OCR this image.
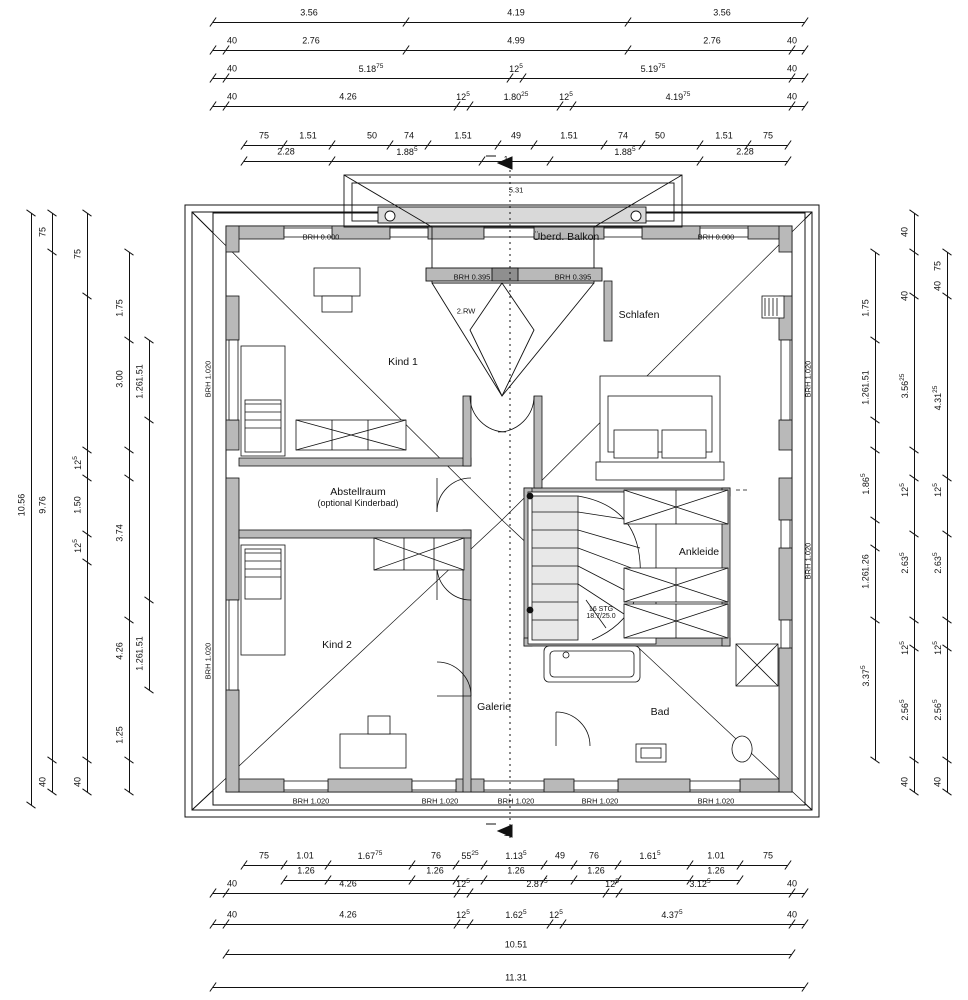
Kind 1
Kind 2
Schlafen
Ankleide
Bad
Galerie
Überd. Balkon
Abstellraum
(optional Kinderbad)
BRH 0.000	BRH 0.000
BRH 0.395	BRH 0.395
2.RW
5.31
BRH 1.020	BRH 1.020	BRH 1.020	BRH 1.020	BRH 1.020
BRH 1.020
BRH 1.020
BRH 1.020
BRH 1.020
16 STG
18.7/25.0
3.56	4.19	3.56
40	2.76	4.99	2.76	40
40	5.18$^{75}$	$12^5$	5.19$^{75}$	40
40	4.26	$12^5$	1.80$^{25}$	$12^5$	4.19$^{75}$	40
75	1.51	50	74	1.51	49	1.51	74	50	1.51	75
2.28	1.88$^5$	1.88$^5$	2.28
75	1.01	1.67$^{75}$	76 $55^{25}$	1.13$^5$	49	76	1.61$^5$	1.01	75
1.26	1.26	1.26	1.26	1.26
40	4.26	$12^5$	2.87$^5$	$12^5$	3.12$^5$	40
40	4.26	$12^5$	1.62$^5$	$12^5$	4.37$^5$	40
10.51
11.31
10.56
75
9.76
40
75
1.50
$12^5$
$12^5$
40
1.75
3.00
3.74
4.26
1.25
1.51
1.26
1.51
1.26
1.75
1.51
1.26
1.86$^5$
1.26
1.26
3.37$^5$
40
40
3.56$^{25}$
$12^5$
2.63$^5$
$12^5$
2.56$^5$
40
75
40
4.31$^{25}$
$12^5$
2.63$^5$
$12^5$
2.56$^5$
40
1
1
